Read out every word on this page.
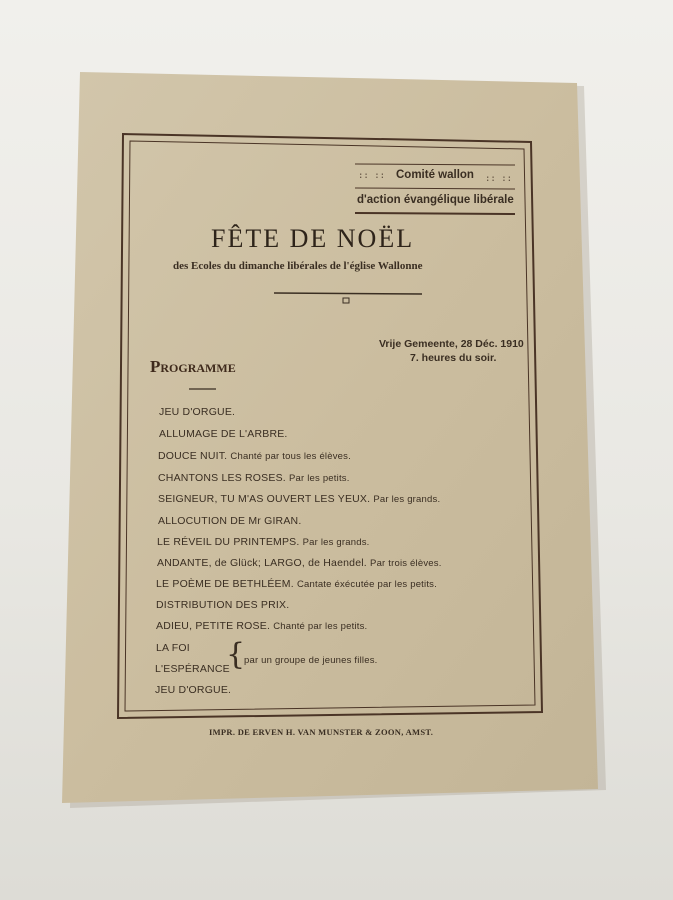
:: :: Comité wallon :: ::
d'action évangélique libérale
FÊTE DE NOËL
des Ecoles du dimanche libérales de l'église Wallonne
Vrije Gemeente, 28 Déc. 1910
7. heures du soir.
Programme
JEU D'ORGUE.
ALLUMAGE DE L'ARBRE.
DOUCE NUIT. Chanté par tous les élèves.
CHANTONS LES ROSES. Par les petits.
SEIGNEUR, TU M'AS OUVERT LES YEUX. Par les grands.
ALLOCUTION DE Mr GIRAN.
LE RÉVEIL DU PRINTEMPS. Par les grands.
ANDANTE, de Glück; LARGO, de Haendel. Par trois élèves.
LE POÈME DE BETHLÉEM. Cantate éxécutée par les petits.
DISTRIBUTION DES PRIX.
ADIEU, PETITE ROSE. Chanté par les petits.
LA FOI
L'ESPÉRANCE
{
par un groupe de jeunes filles.
JEU D'ORGUE.
IMPR. DE ERVEN H. VAN MUNSTER & ZOON, AMST.
